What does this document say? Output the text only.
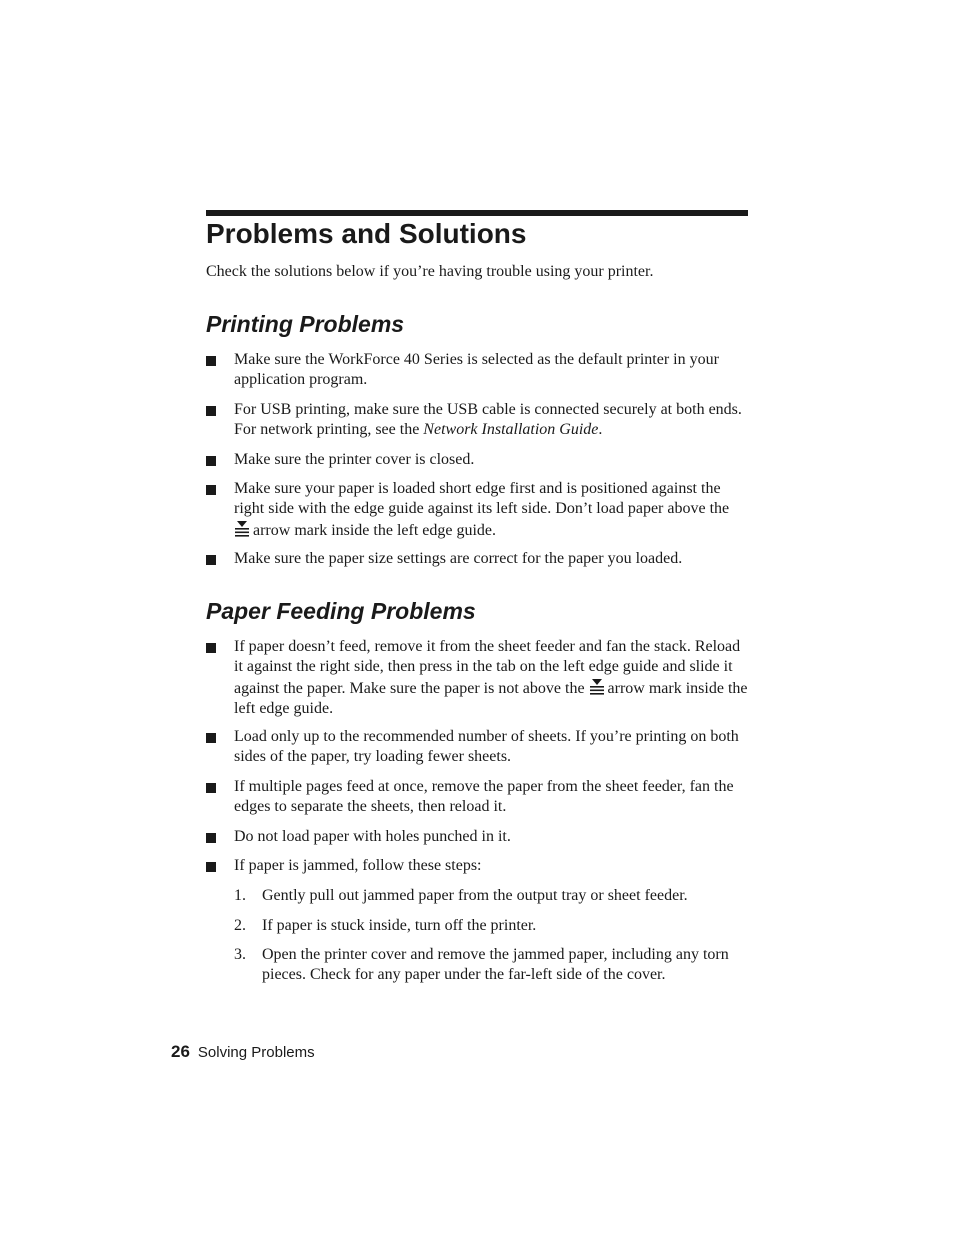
Problems and Solutions

Check the solutions below if you’re having trouble using your printer.

Printing Problems
Make sure the WorkForce 40 Series is selected as the default printer in your application program.
For USB printing, make sure the USB cable is connected securely at both ends. For network printing, see the Network Installation Guide.
Make sure the printer cover is closed.
Make sure your paper is loaded short edge first and is positioned against the right side with the edge guide against its left side. Don’t load paper above the arrow mark inside the left edge guide.
Make sure the paper size settings are correct for the paper you loaded.
Paper Feeding Problems
If paper doesn’t feed, remove it from the sheet feeder and fan the stack. Reload it against the right side, then press in the tab on the left edge guide and slide it against the paper. Make sure the paper is not above the arrow mark inside the left edge guide.
Load only up to the recommended number of sheets. If you’re printing on both sides of the paper, try loading fewer sheets.
If multiple pages feed at once, remove the paper from the sheet feeder, fan the edges to separate the sheets, then reload it.
Do not load paper with holes punched in it.
If paper is jammed, follow these steps:
1. Gently pull out jammed paper from the output tray or sheet feeder.
2. If paper is stuck inside, turn off the printer.
3. Open the printer cover and remove the jammed paper, including any torn pieces. Check for any paper under the far-left side of the cover.
26 Solving Problems
